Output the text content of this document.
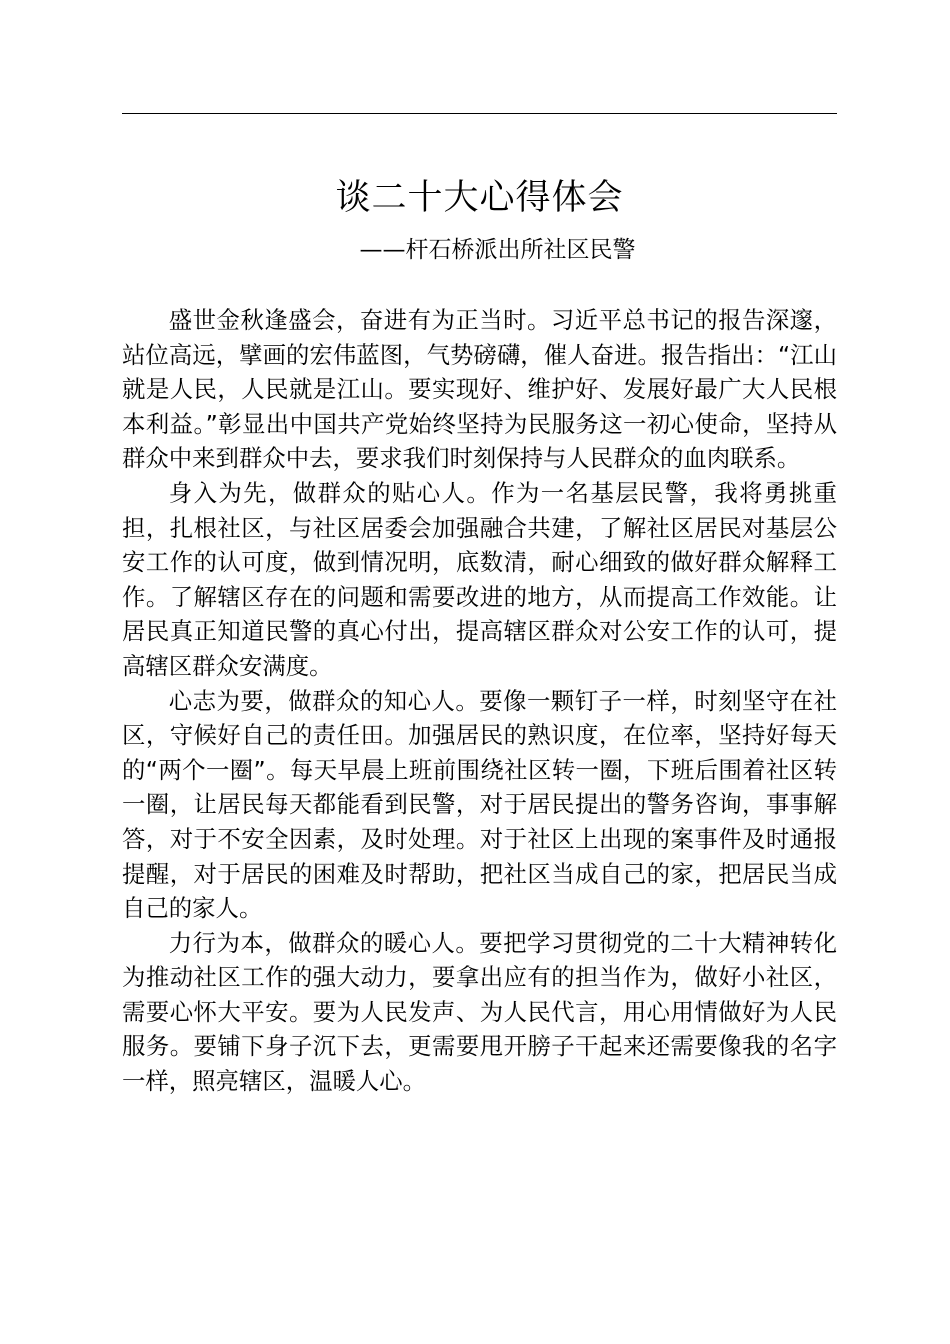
谈二十大心得体会
——杆石桥派出所社区民警

盛世金秋逢盛会，奋进有为正当时。习近平总书记的报告深邃，站位高远，擘画的宏伟蓝图，气势磅礴，催人奋进。报告指出：“江山就是人民，人民就是江山。要实现好、维护好、发展好最广大人民根本利益。”彰显出中国共产党始终坚持为民服务这一初心使命，坚持从群众中来到群众中去，要求我们时刻保持与人民群众的血肉联系。

身入为先，做群众的贴心人。作为一名基层民警，我将勇挑重担，扎根社区，与社区居委会加强融合共建，了解社区居民对基层公安工作的认可度，做到情况明，底数清，耐心细致的做好群众解释工作。了解辖区存在的问题和需要改进的地方，从而提高工作效能。让居民真正知道民警的真心付出，提高辖区群众对公安工作的认可，提高辖区群众安满度。

心志为要，做群众的知心人。要像一颗钉子一样，时刻坚守在社区，守候好自己的责任田。加强居民的熟识度，在位率，坚持好每天的“两个一圈”。每天早晨上班前围绕社区转一圈，下班后围着社区转一圈，让居民每天都能看到民警，对于居民提出的警务咨询，事事解答，对于不安全因素，及时处理。对于社区上出现的案事件及时通报提醒，对于居民的困难及时帮助，把社区当成自己的家，把居民当成自己的家人。

力行为本，做群众的暖心人。要把学习贯彻党的二十大精神转化为推动社区工作的强大动力，要拿出应有的担当作为，做好小社区，需要心怀大平安。要为人民发声、为人民代言，用心用情做好为人民服务。要铺下身子沉下去，更需要甩开膀子干起来还需要像我的名字一样，照亮辖区，温暖人心。
